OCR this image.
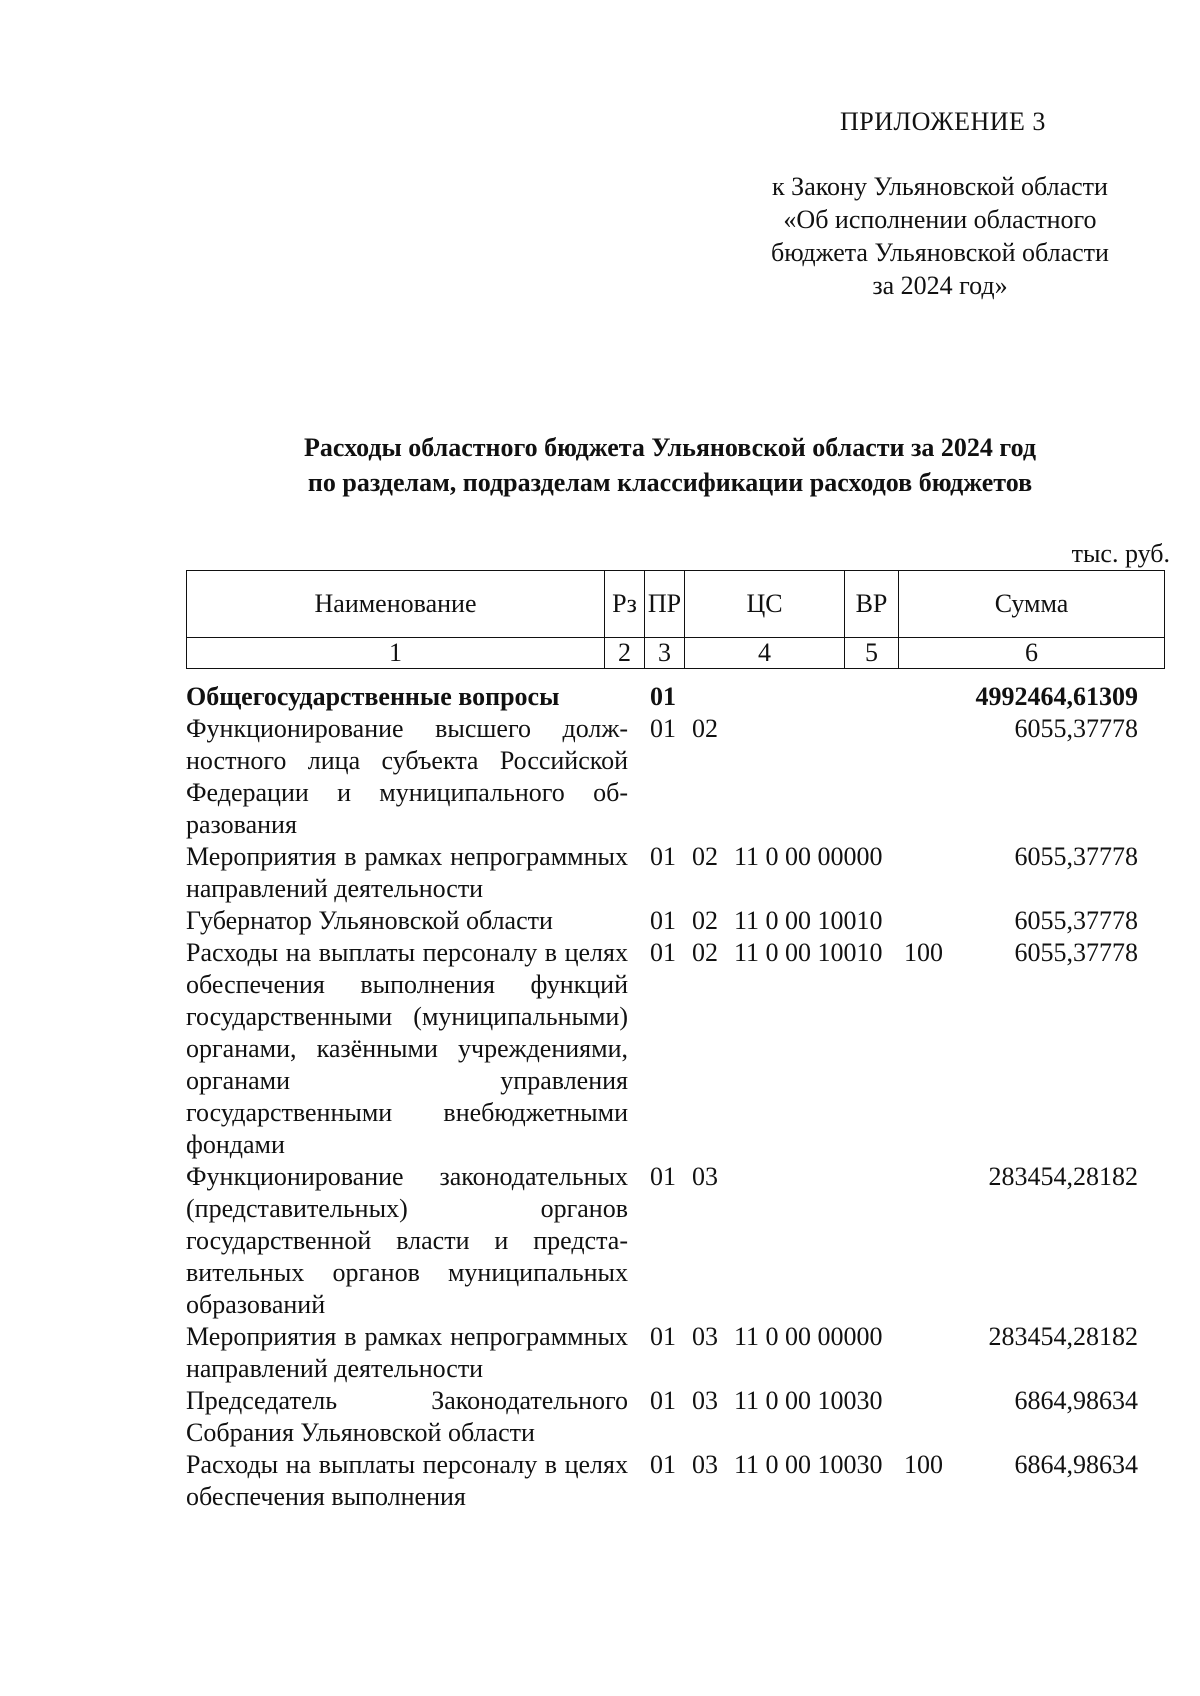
ПРИЛОЖЕНИЕ 3
к Закону Ульяновской области
«Об исполнении областного
бюджета Ульяновской области
за 2024 год»
Расходы областного бюджета Ульяновской области за 2024 год
по разделам, подразделам классификации расходов бюджетов
тыс. руб.
Наименование	Рз	ПР	ЦС	ВР	Сумма
1	2	3	4	5	6
Общегосударственные вопросы	01				4992464,61309
Функционирование высшего должностного лица субъекта Российской Федерации и муниципального образования	01	02			6055,37778
Мероприятия в рамках непрограммных направлений деятельности	01	02	11 0 00 00000		6055,37778
Губернатор Ульяновской области	01	02	11 0 00 10010		6055,37778
Расходы на выплаты персоналу в целях обеспечения выполнения функций государственными (муниципальными) органами, казёнными учреждениями, органами управления государственными внебюджетными фондами	01	02	11 0 00 10010	100	6055,37778
Функционирование законодательных (представительных) органов государственной власти и представительных органов муниципальных образований	01	03			283454,28182
Мероприятия в рамках непрограммных направлений деятельности	01	03	11 0 00 00000		283454,28182
Председатель Законодательного Собрания Ульяновской области	01	03	11 0 00 10030		6864,98634
Расходы на выплаты персоналу в целях обеспечения выполнения	01	03	11 0 00 10030	100	6864,98634
